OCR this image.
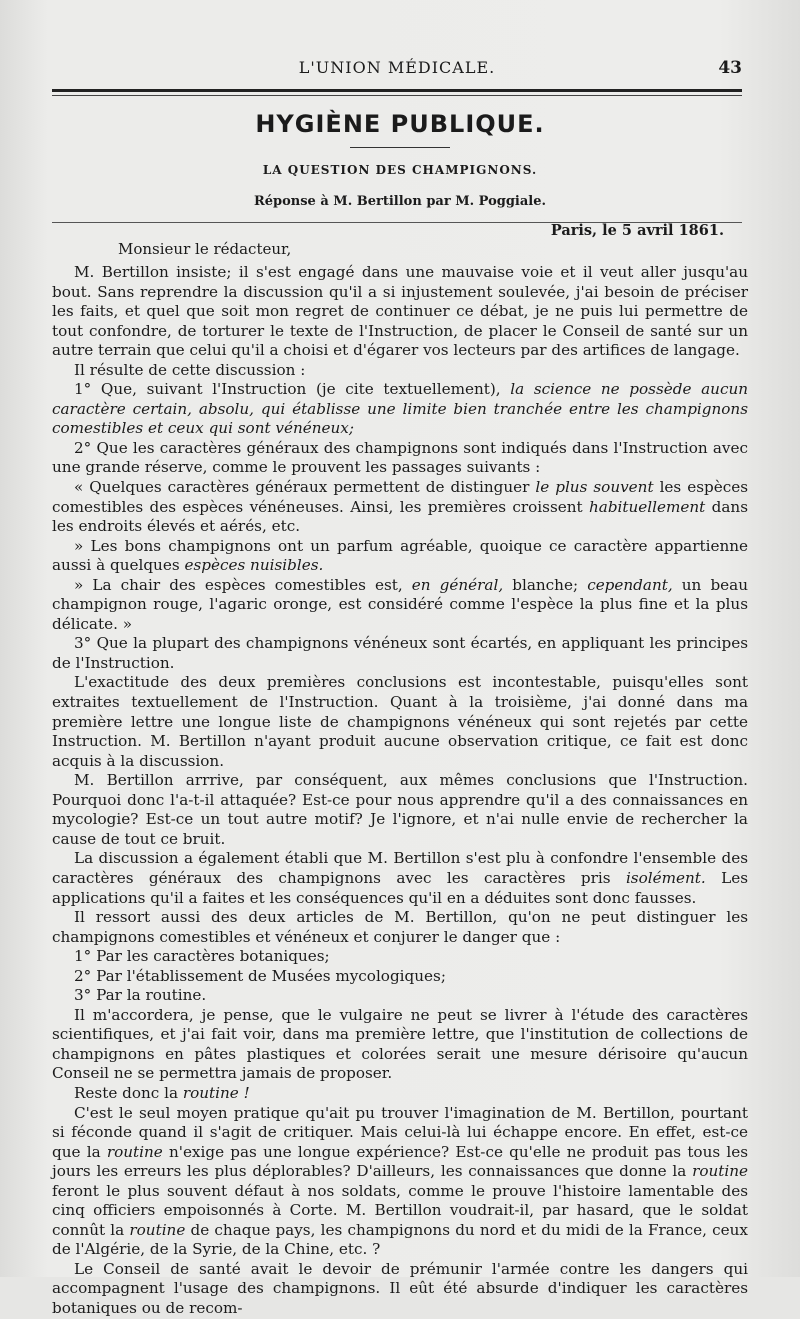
L'UNION MÉDICALE.	43
HYGIÈNE PUBLIQUE.
LA QUESTION DES CHAMPIGNONS.
Réponse à M. Bertillon par M. Poggiale.
Paris, le 5 avril 1861.
Monsieur le rédacteur,

M. Bertillon insiste; il s'est engagé dans une mauvaise voie et il veut aller jusqu'au bout. Sans reprendre la discussion qu'il a si injustement soulevée, j'ai besoin de préciser les faits, et quel que soit mon regret de continuer ce débat, je ne puis lui permettre de tout confondre, de torturer le texte de l'Instruction, de placer le Conseil de santé sur un autre terrain que celui qu'il a choisi et d'égarer vos lecteurs par des artifices de langage.

Il résulte de cette discussion :

1° Que, suivant l'Instruction (je cite textuellement), la science ne possède aucun caractère certain, absolu, qui établisse une limite bien tranchée entre les champignons comestibles et ceux qui sont vénéneux;

2° Que les caractères généraux des champignons sont indiqués dans l'Instruction avec une grande réserve, comme le prouvent les passages suivants :

« Quelques caractères généraux permettent de distinguer le plus souvent les espèces comestibles des espèces vénéneuses. Ainsi, les premières croissent habituellement dans les endroits élevés et aérés, etc.

» Les bons champignons ont un parfum agréable, quoique ce caractère appartienne aussi à quelques espèces nuisibles.

» La chair des espèces comestibles est, en général, blanche; cependant, un beau champignon rouge, l'agaric oronge, est considéré comme l'espèce la plus fine et la plus délicate. »

3° Que la plupart des champignons vénéneux sont écartés, en appliquant les principes de l'Instruction.

L'exactitude des deux premières conclusions est incontestable, puisqu'elles sont extraites textuellement de l'Instruction. Quant à la troisième, j'ai donné dans ma première lettre une longue liste de champignons vénéneux qui sont rejetés par cette Instruction. M. Bertillon n'ayant produit aucune observation critique, ce fait est donc acquis à la discussion.

M. Bertillon arrrive, par conséquent, aux mêmes conclusions que l'Instruction. Pourquoi donc l'a-t-il attaquée? Est-ce pour nous apprendre qu'il a des connaissances en mycologie? Est-ce un tout autre motif? Je l'ignore, et n'ai nulle envie de rechercher la cause de tout ce bruit.

La discussion a également établi que M. Bertillon s'est plu à confondre l'ensemble des caractères généraux des champignons avec les caractères pris isolément. Les applications qu'il a faites et les conséquences qu'il en a déduites sont donc fausses.

Il ressort aussi des deux articles de M. Bertillon, qu'on ne peut distinguer les champignons comestibles et vénéneux et conjurer le danger que :

1° Par les caractères botaniques;

2° Par l'établissement de Musées mycologiques;

3° Par la routine.

Il m'accordera, je pense, que le vulgaire ne peut se livrer à l'étude des caractères scientifiques, et j'ai fait voir, dans ma première lettre, que l'institution de collections de champignons en pâtes plastiques et colorées serait une mesure dérisoire qu'aucun Conseil ne se permettra jamais de proposer.

Reste donc la routine !

C'est le seul moyen pratique qu'ait pu trouver l'imagination de M. Bertillon, pourtant si féconde quand il s'agit de critiquer. Mais celui-là lui échappe encore. En effet, est-ce que la routine n'exige pas une longue expérience? Est-ce qu'elle ne produit pas tous les jours les erreurs les plus déplorables? D'ailleurs, les connaissances que donne la routine feront le plus souvent défaut à nos soldats, comme le prouve l'histoire lamentable des cinq officiers empoisonnés à Corte. M. Bertillon voudrait-il, par hasard, que le soldat connût la routine de chaque pays, les champignons du nord et du midi de la France, ceux de l'Algérie, de la Syrie, de la Chine, etc. ?

Le Conseil de santé avait le devoir de prémunir l'armée contre les dangers qui accompagnent l'usage des champignons. Il eût été absurde d'indiquer les caractères botaniques ou de recom-
